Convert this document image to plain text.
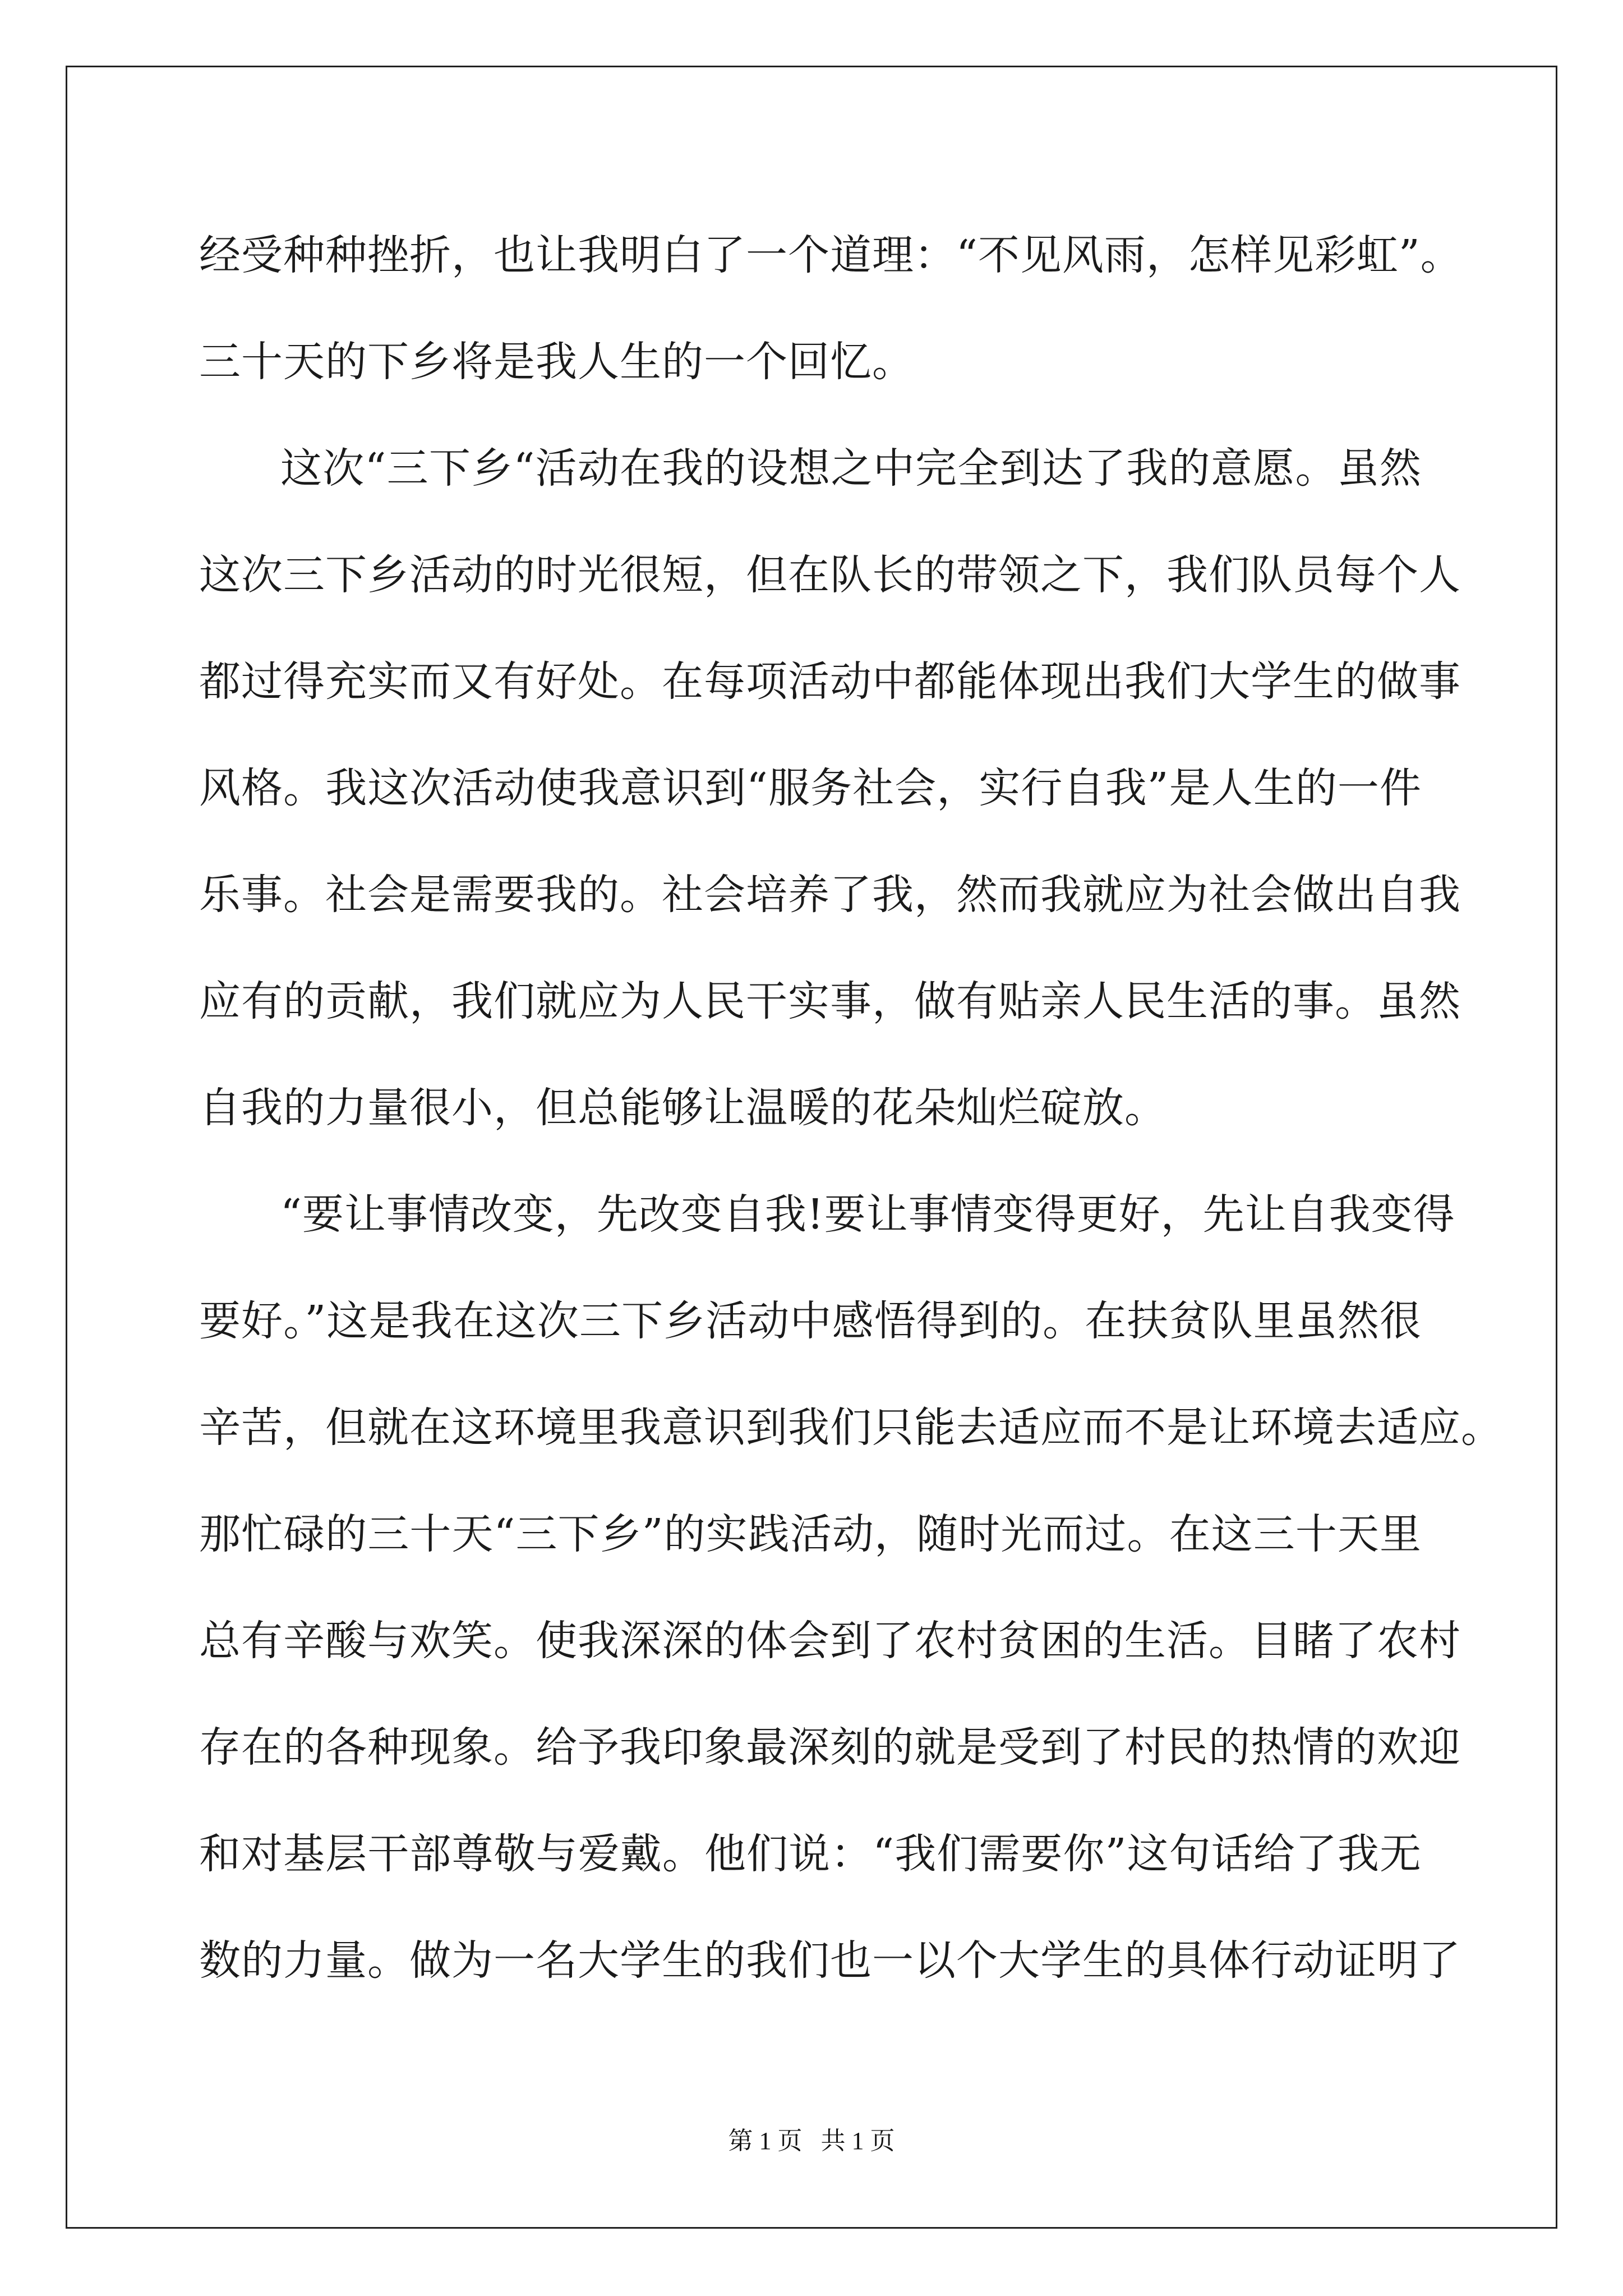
经受种种挫折，也让我明白了一个道理：“不见风雨，怎样见彩虹”。
三十天的下乡将是我人生的一个回忆。
这次“三下乡“活动在我的设想之中完全到达了我的意愿。虽然
这次三下乡活动的时光很短，但在队长的带领之下，我们队员每个人
都过得充实而又有好处。在每项活动中都能体现出我们大学生的做事
风格。我这次活动使我意识到“服务社会，实行自我”是人生的一件
乐事。社会是需要我的。社会培养了我，然而我就应为社会做出自我
应有的贡献，我们就应为人民干实事，做有贴亲人民生活的事。虽然
自我的力量很小，但总能够让温暖的花朵灿烂碇放。
“要让事情改变，先改变自我!要让事情变得更好，先让自我变得
要好。”这是我在这次三下乡活动中感悟得到的。在扶贫队里虽然很
辛苦，但就在这环境里我意识到我们只能去适应而不是让环境去适应。
那忙碌的三十天“三下乡”的实践活动，随时光而过。在这三十天里
总有辛酸与欢笑。使我深深的体会到了农村贫困的生活。目睹了农村
存在的各种现象。给予我印象最深刻的就是受到了村民的热情的欢迎
和对基层干部尊敬与爱戴。他们说：“我们需要你”这句话给了我无
数的力量。做为一名大学生的我们也一以个大学生的具体行动证明了
第 1 页   共 1 页
